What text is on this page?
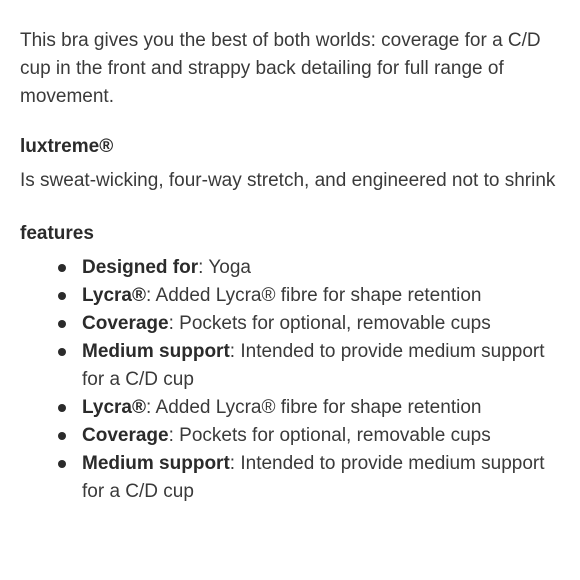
This bra gives you the best of both worlds: coverage for a C/D cup in the front and strappy back detailing for full range of movement.

luxtreme®

Is sweat-wicking, four-way stretch, and engineered not to shrink

features
Designed for: Yoga
Lycra®: Added Lycra® fibre for shape retention
Coverage: Pockets for optional, removable cups
Medium support: Intended to provide medium support for a C/D cup
Lycra®: Added Lycra® fibre for shape retention
Coverage: Pockets for optional, removable cups
Medium support: Intended to provide medium support for a C/D cup
